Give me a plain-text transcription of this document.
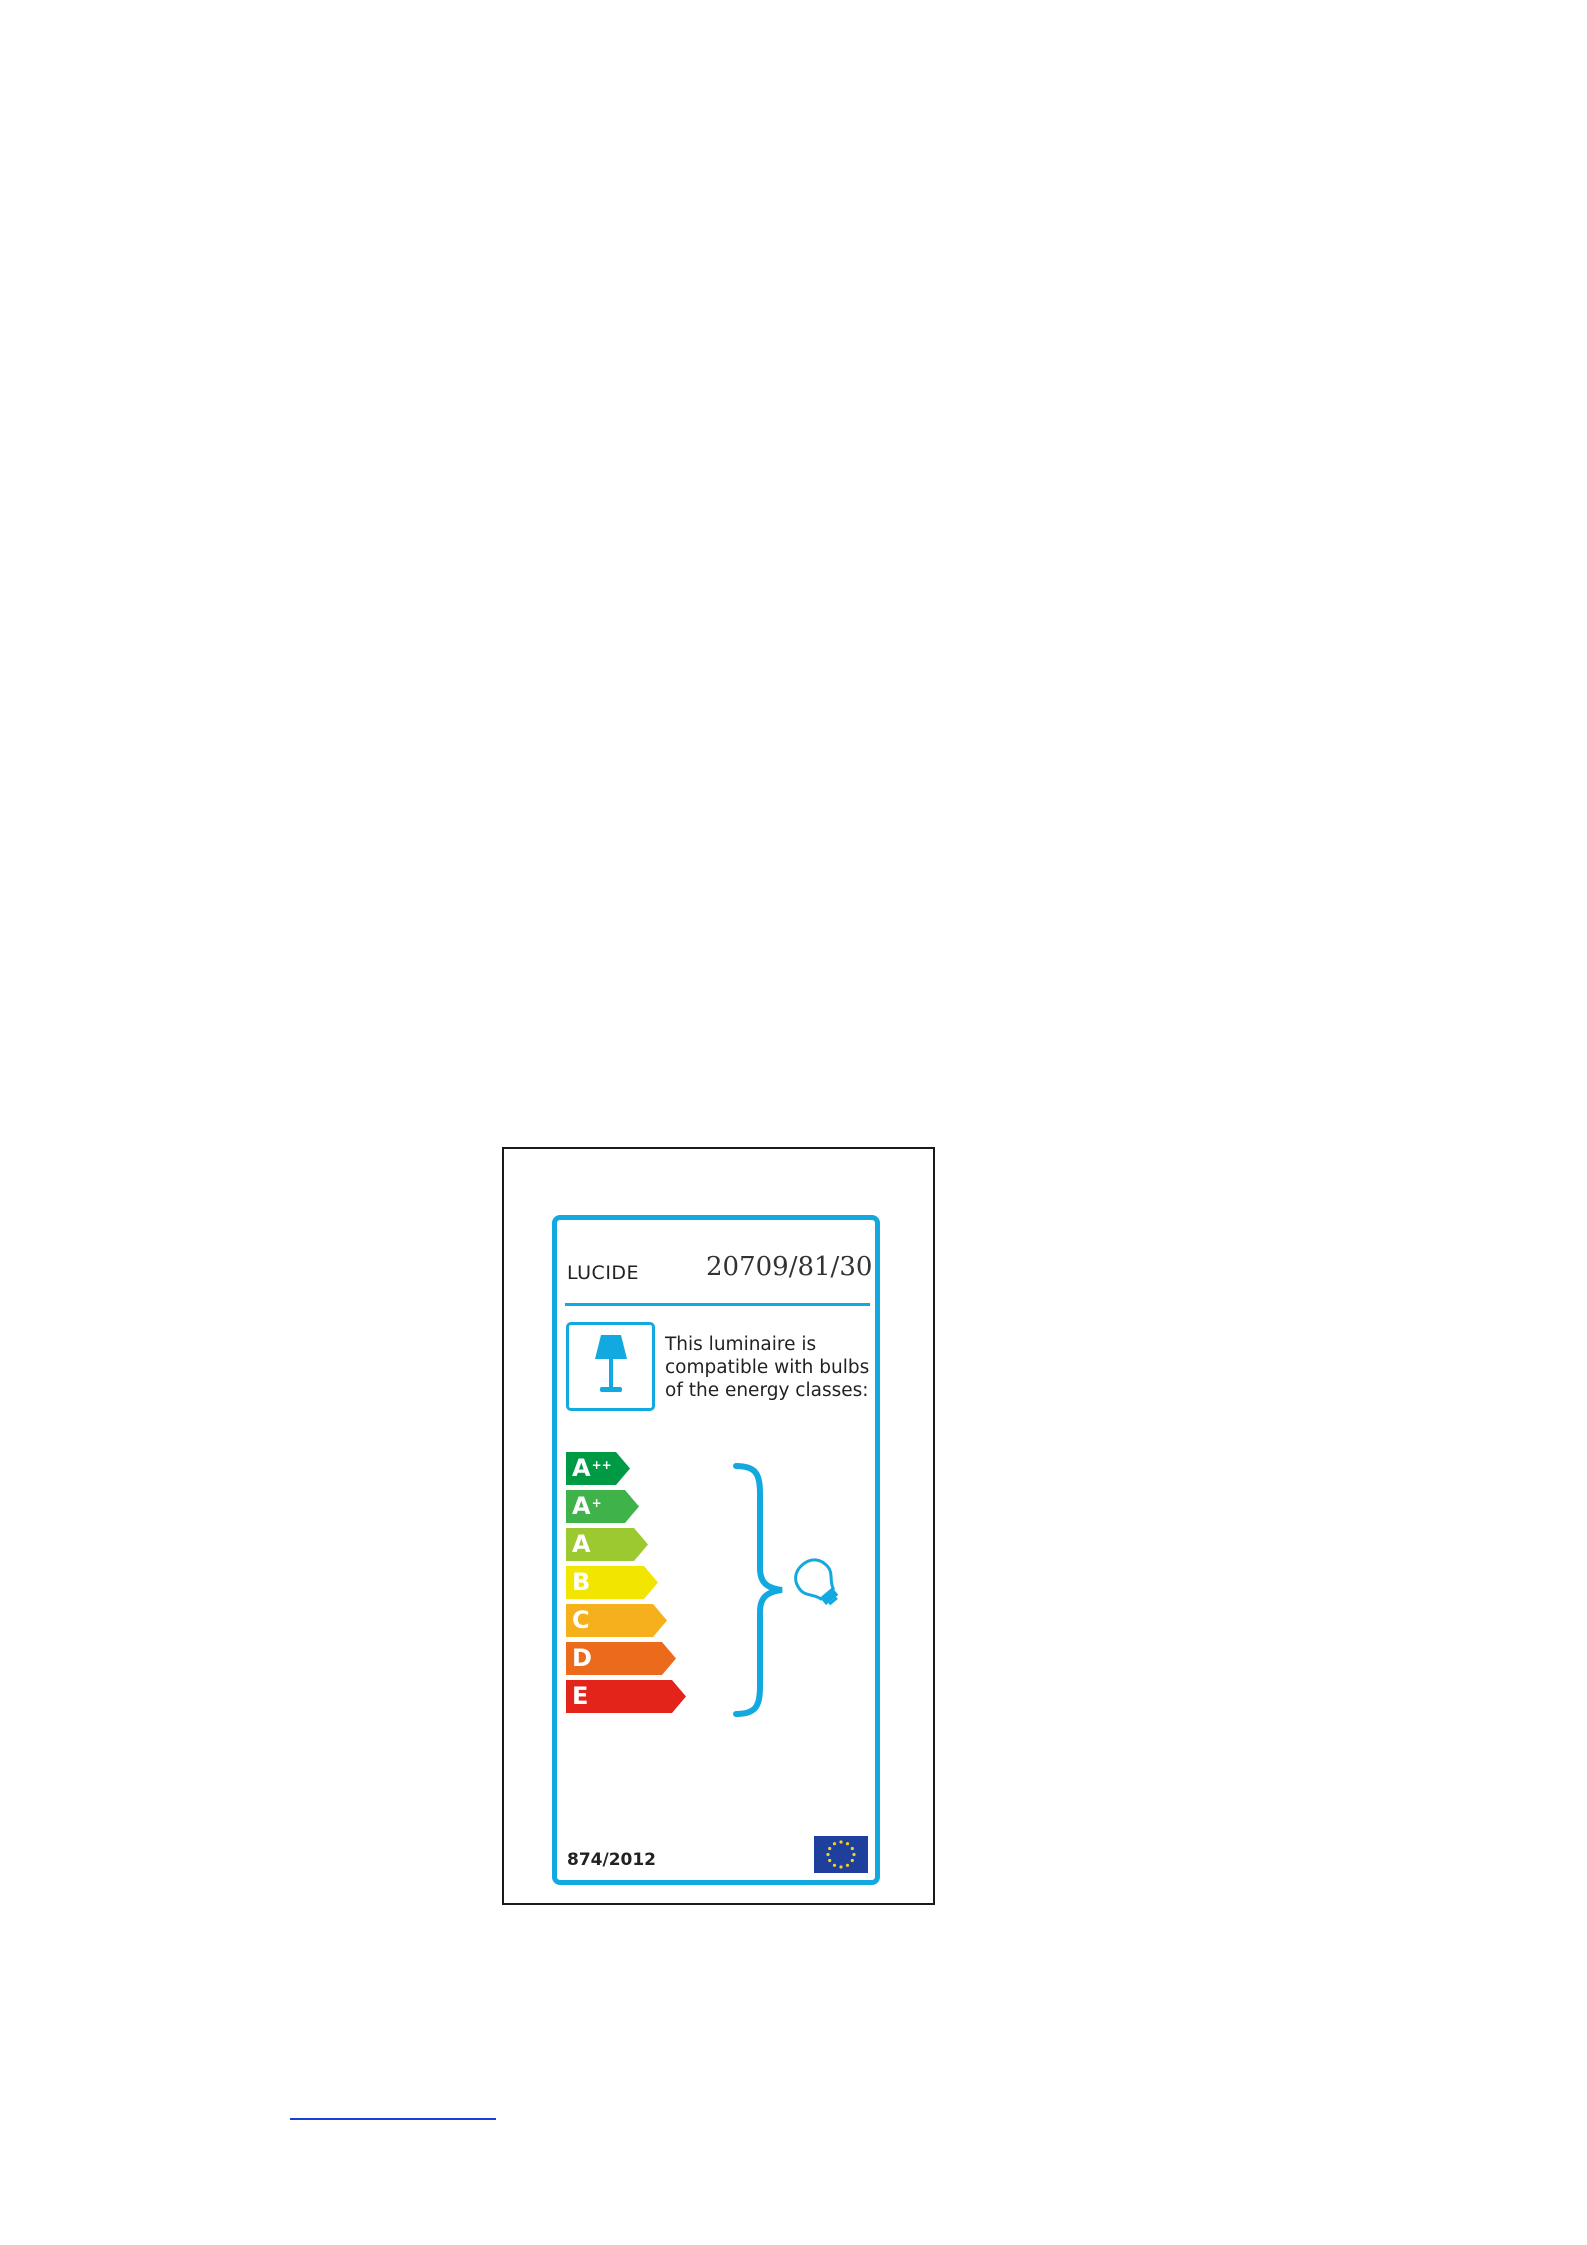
LUCIDE	20709/81/30
This luminaire is
compatible with bulbs
of the energy classes:
A++
A+
A
B
C
D
E
874/2012
